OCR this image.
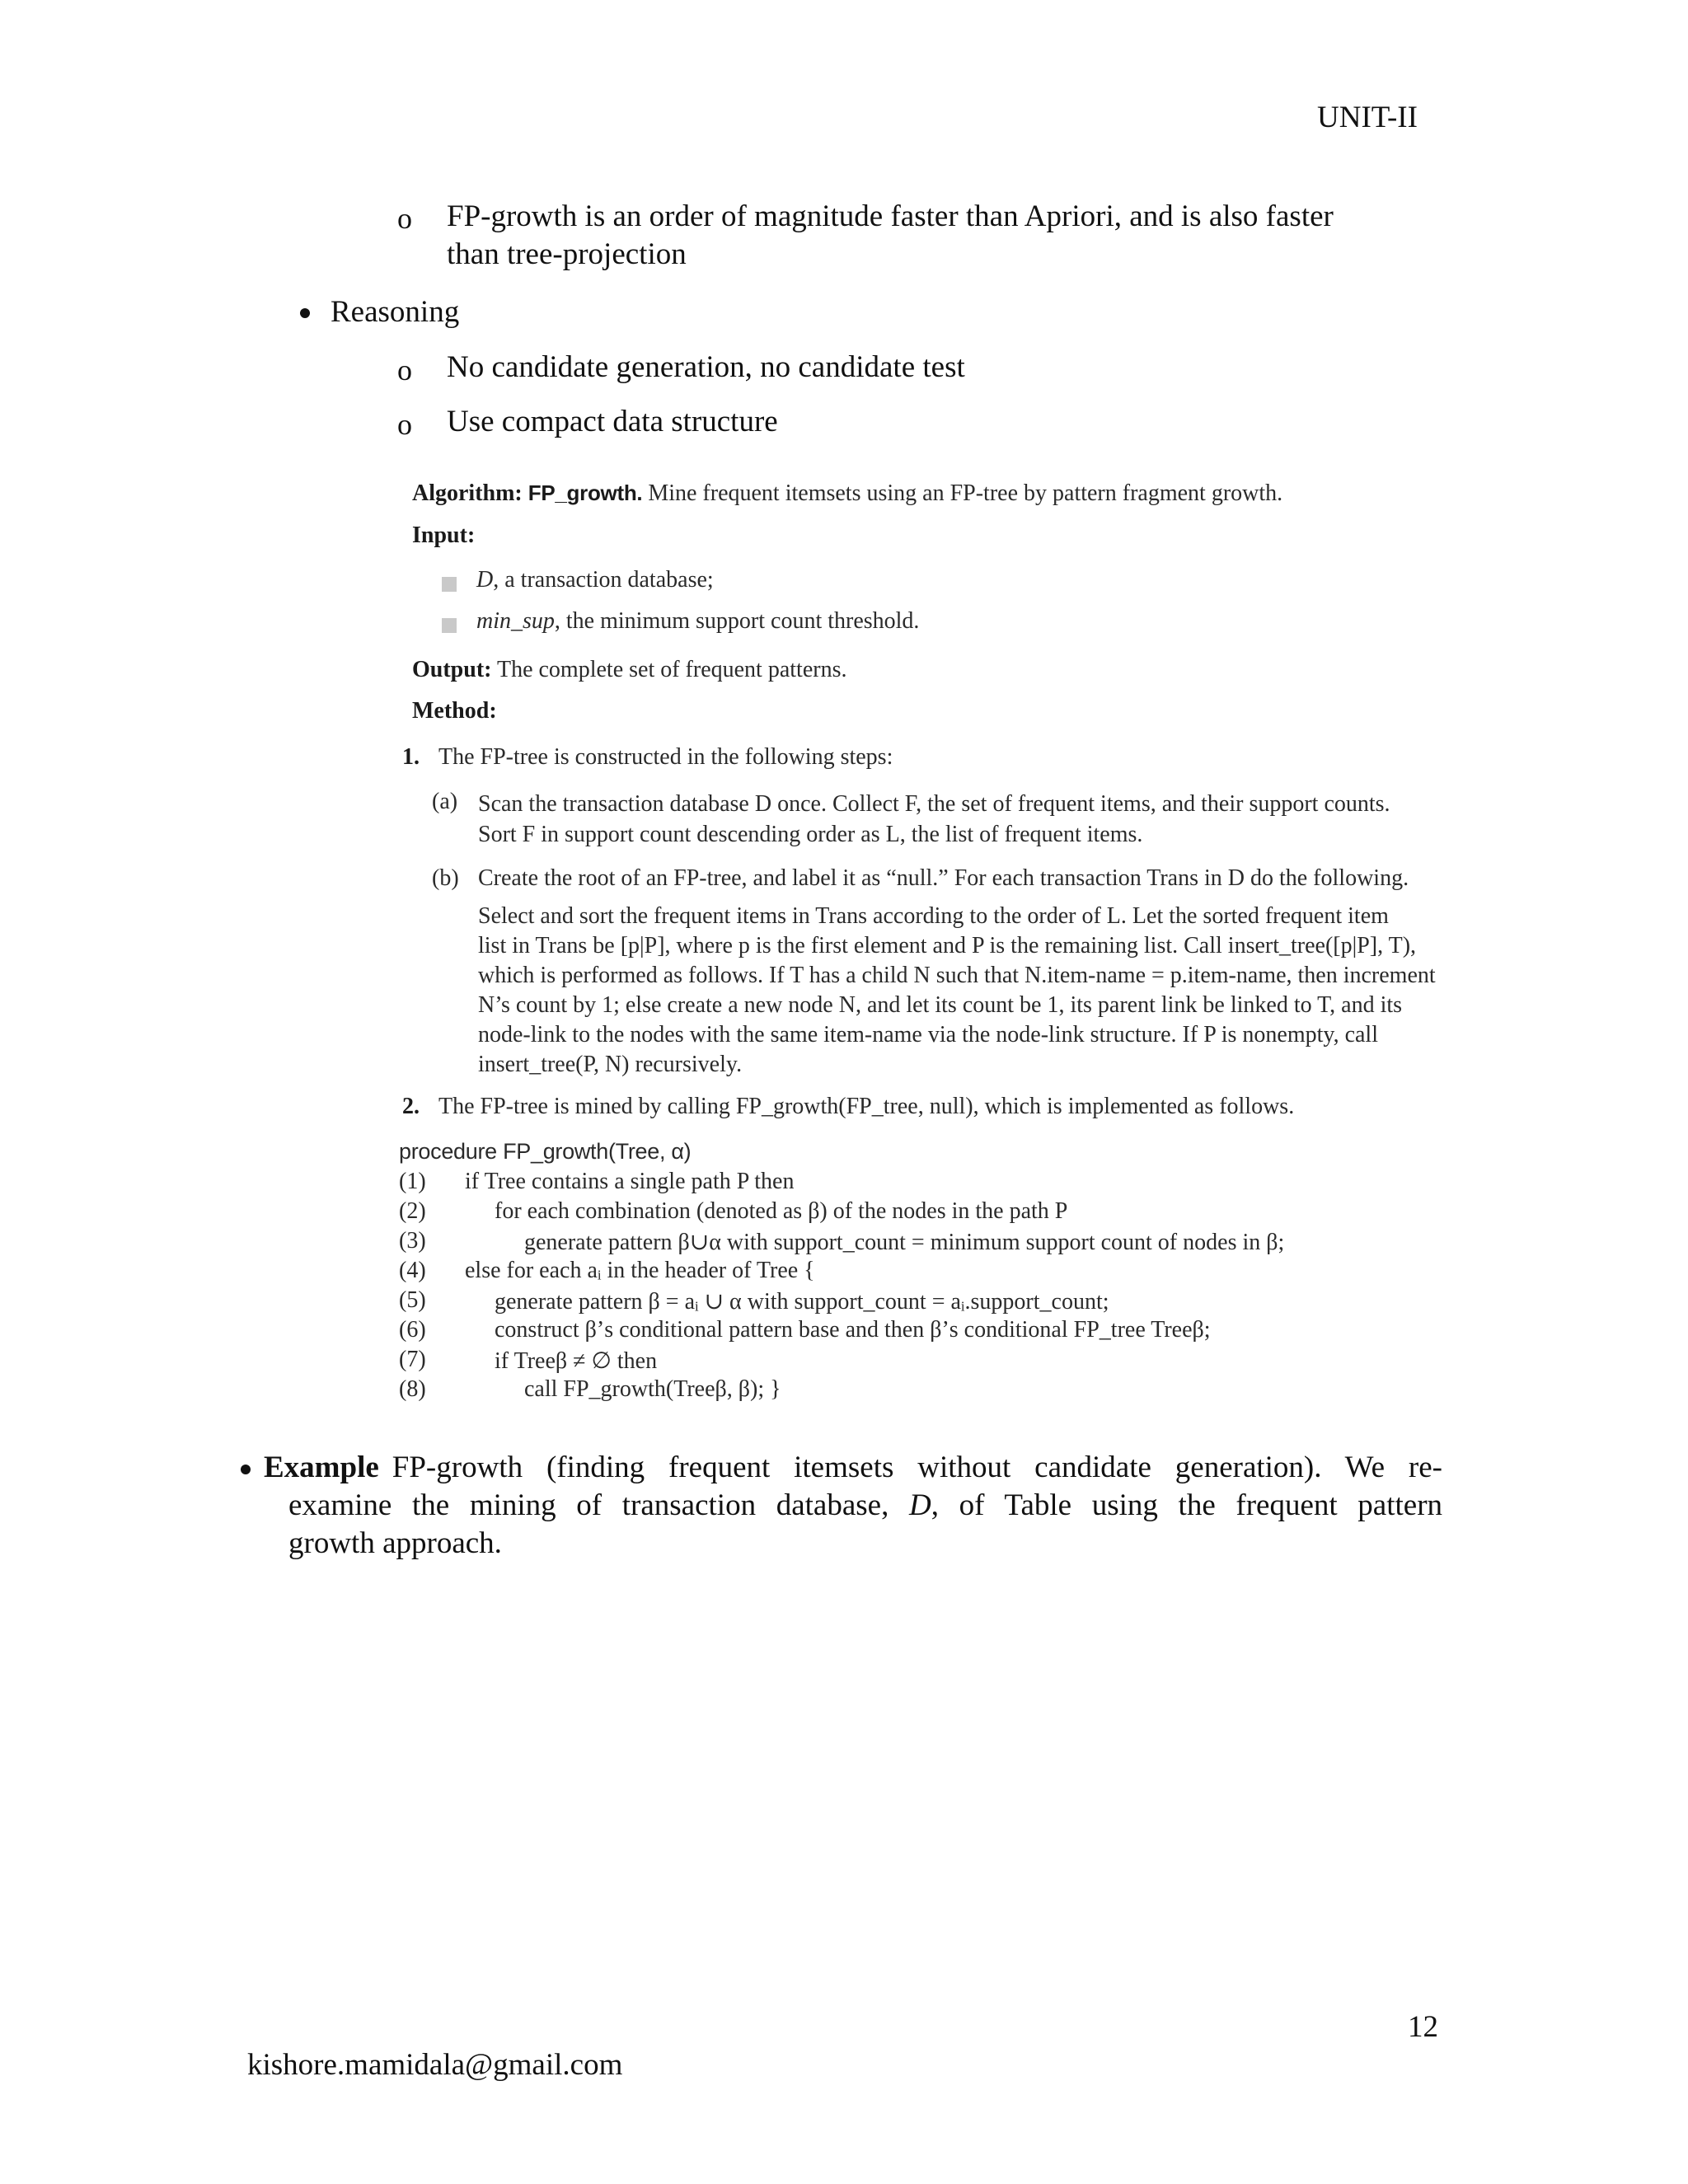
UNIT-II
o FP-growth is an order of magnitude faster than Apriori, and is also faster
than tree-projection
Reasoning
o No candidate generation, no candidate test
o Use compact data structure
Algorithm: FP_growth. Mine frequent itemsets using an FP-tree by pattern fragment growth.
Input:
D, a transaction database;
min_sup, the minimum support count threshold.
Output: The complete set of frequent patterns.
Method:
1. The FP-tree is constructed in the following steps:
(a) Scan the transaction database D once. Collect F, the set of frequent items, and their support counts.
Sort F in support count descending order as L, the list of frequent items.
(b) Create the root of an FP-tree, and label it as “null.” For each transaction Trans in D do the following.
Select and sort the frequent items in Trans according to the order of L. Let the sorted frequent item
list in Trans be [p|P], where p is the first element and P is the remaining list. Call insert_tree([p|P], T),
which is performed as follows. If T has a child N such that N.item-name = p.item-name, then increment
N’s count by 1; else create a new node N, and let its count be 1, its parent link be linked to T, and its
node-link to the nodes with the same item-name via the node-link structure. If P is nonempty, call
insert_tree(P, N) recursively.
2. The FP-tree is mined by calling FP_growth(FP_tree, null), which is implemented as follows.
procedure FP_growth(Tree, α)
(1) if Tree contains a single path P then
(2)	for each combination (denoted as β) of the nodes in the path P
(3)	generate pattern β∪α with support_count = minimum support count of nodes in β;
(4) else for each aᵢ in the header of Tree {
(5)	generate pattern β = aᵢ ∪ α with support_count = aᵢ.support_count;
(6)	construct β’s conditional pattern base and then β’s conditional FP_tree Treeβ;
(7)	if Treeβ ≠ ∅ then
(8)	call FP_growth(Treeβ, β); }
Example FP-growth (finding frequent itemsets without candidate generation). We re-
examine the mining of transaction database, D, of Table using the frequent pattern
growth approach.
12
kishore.mamidala@gmail.com
